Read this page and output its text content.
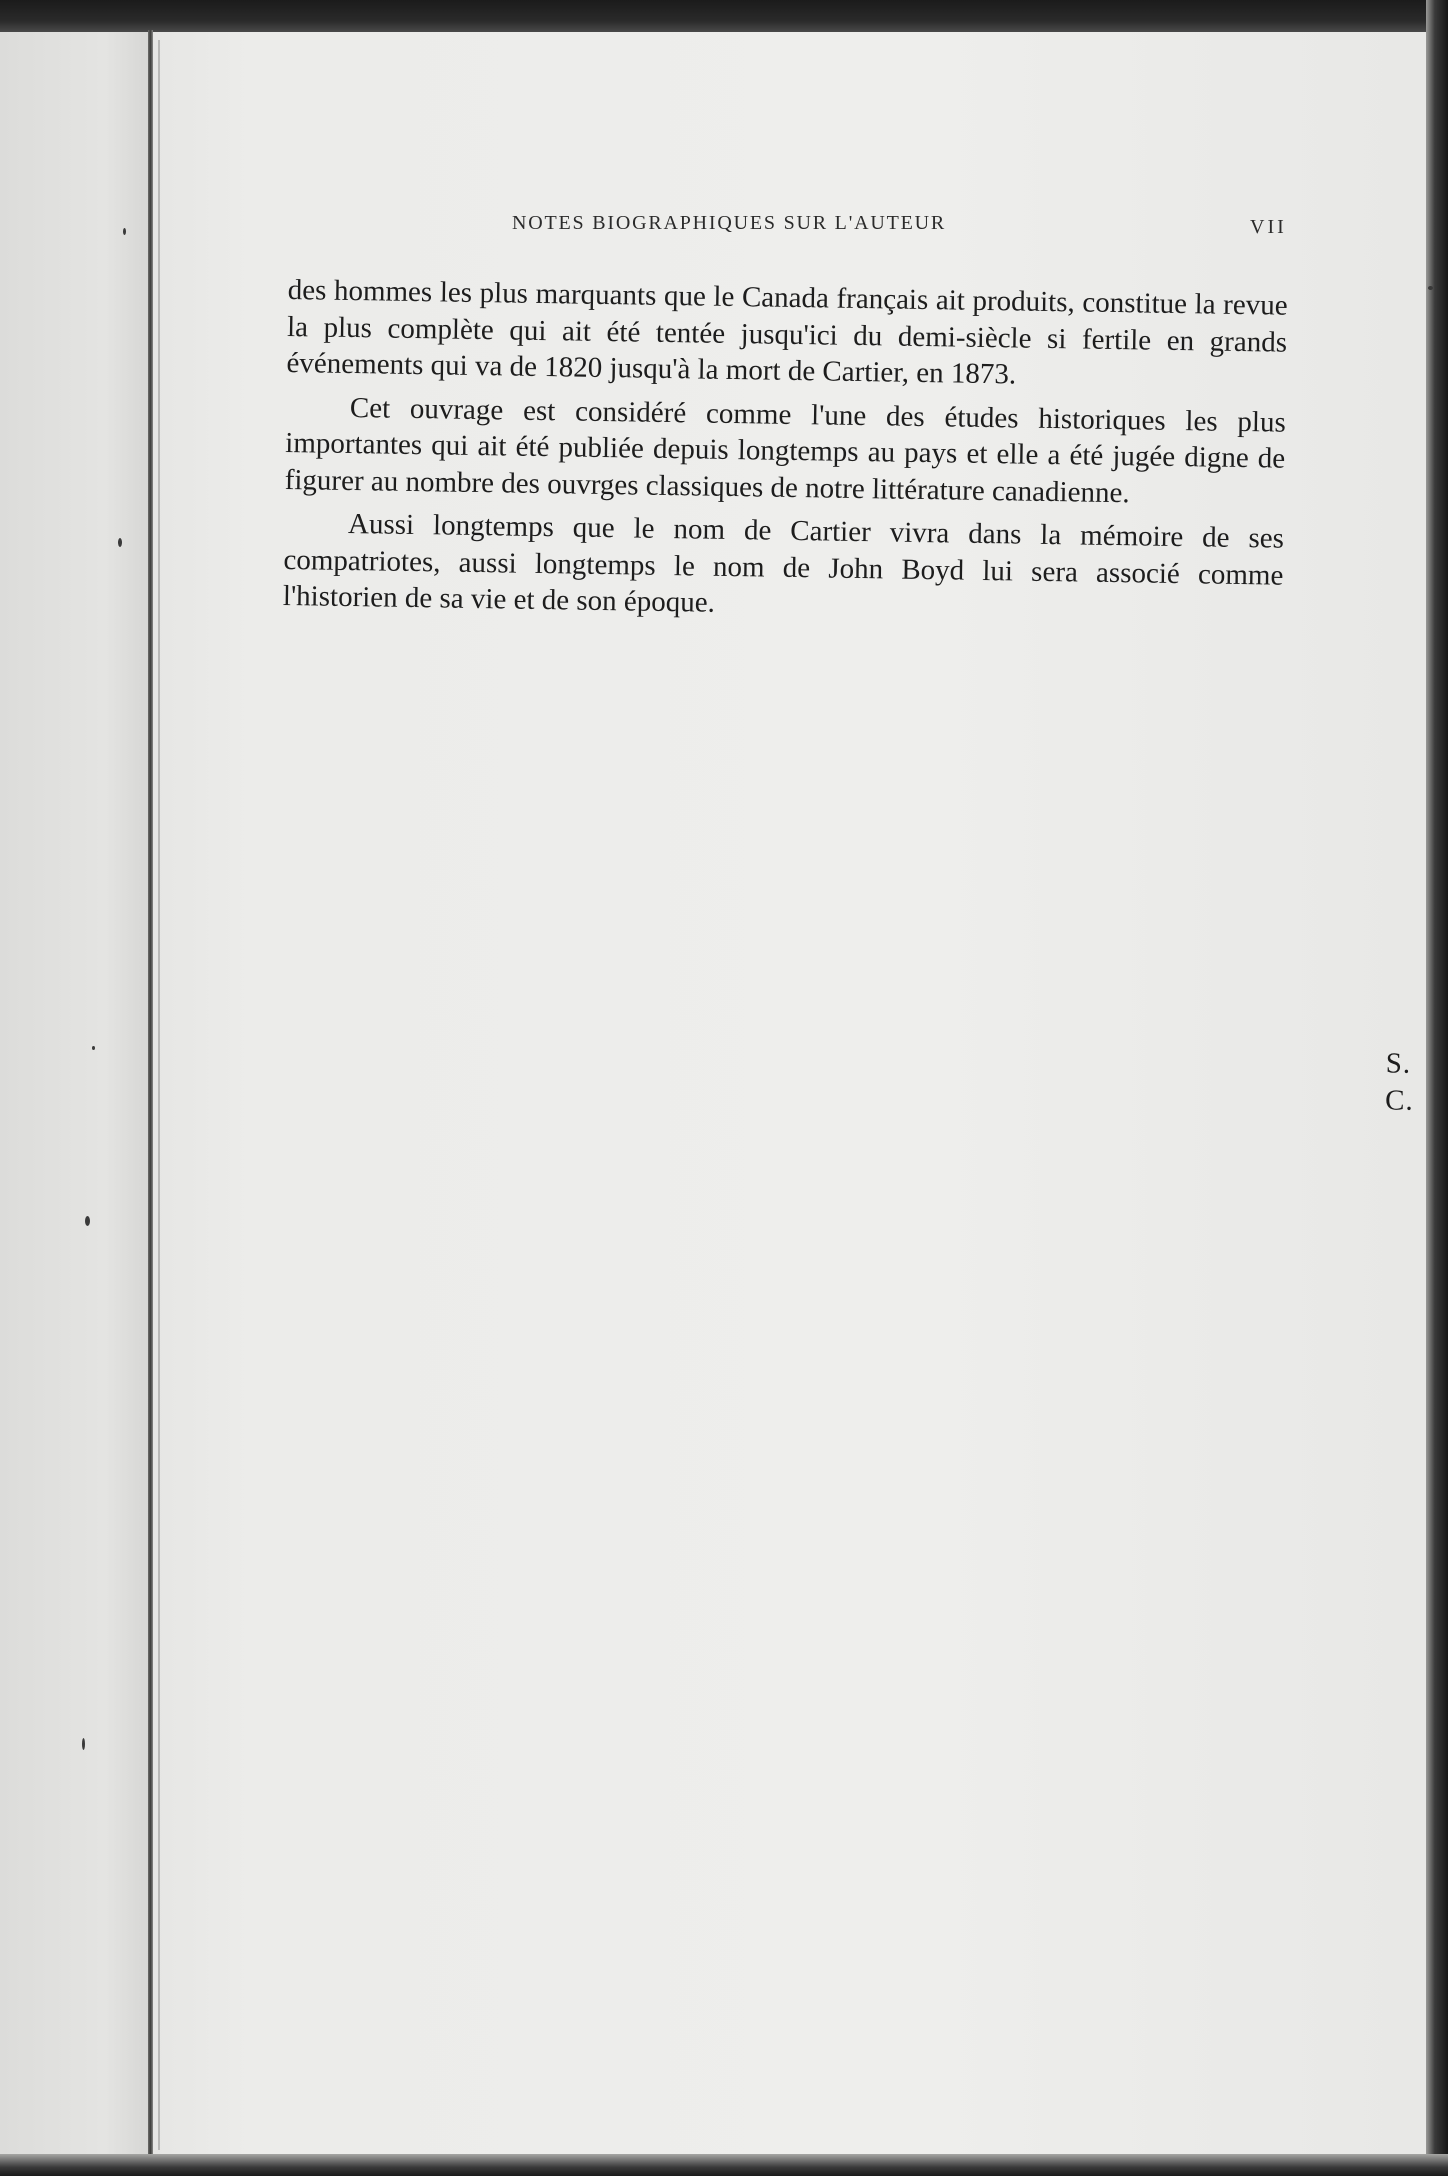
NOTES BIOGRAPHIQUES SUR L'AUTEUR	VII

des hommes les plus marquants que le Canada français ait produits, constitue la revue la plus complète qui ait été tentée jusqu'ici du demi-siècle si fertile en grands événements qui va de 1820 jusqu'à la mort de Cartier, en 1873.

Cet ouvrage est considéré comme l'une des études historiques les plus importantes qui ait été publiée depuis longtemps au pays et elle a été jugée digne de figurer au nombre des ouvrges classiques de notre littérature canadienne.

Aussi longtemps que le nom de Cartier vivra dans la mémoire de ses compatriotes, aussi longtemps le nom de John Boyd lui sera associé comme l'historien de sa vie et de son époque.

S. C.
